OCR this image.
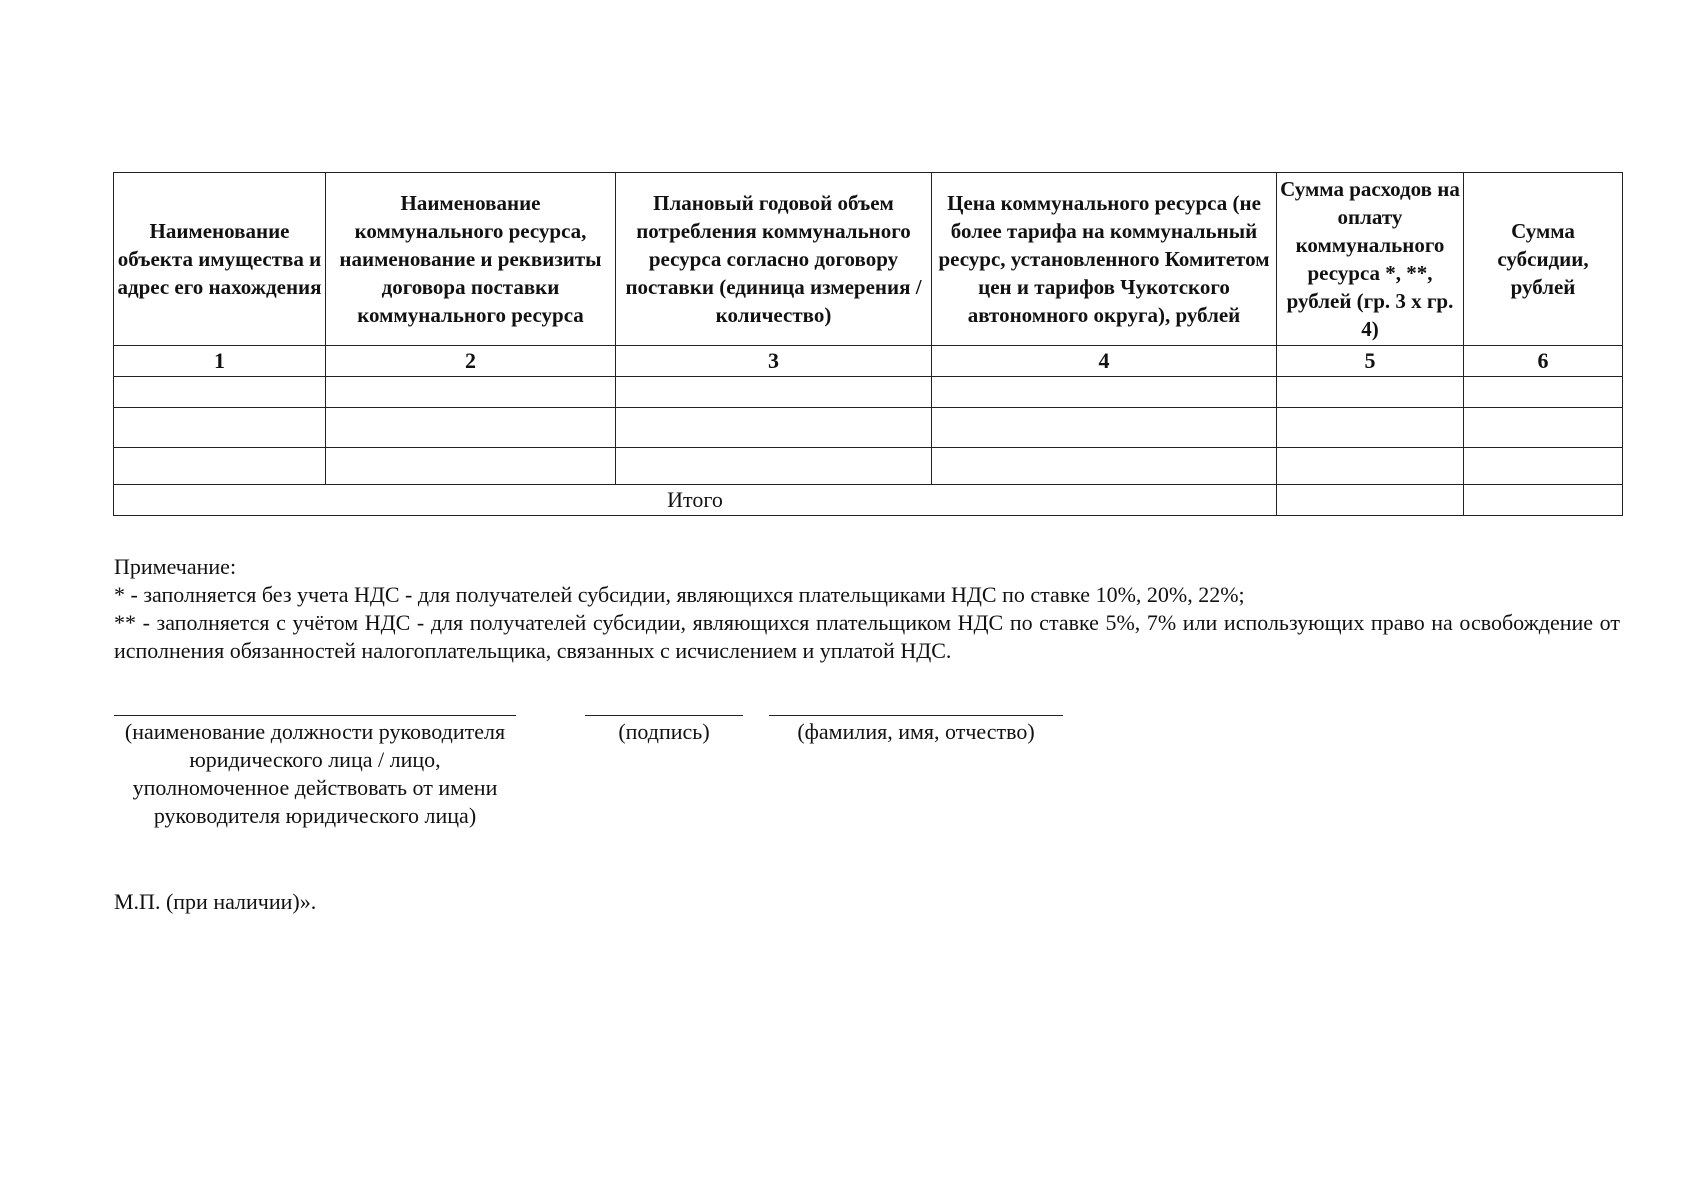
Наименование объекта имущества и адрес его нахождения	Наименование коммунального ресурса, наименование и реквизиты договора поставки коммунального ресурса	Плановый годовой объем потребления коммунального ресурса согласно договору поставки (единица измерения / количество)	Цена коммунального ресурса (не более тарифа на коммунальный ресурс, установленного Комитетом цен и тарифов Чукотского автономного округа), рублей	Сумма расходов на оплату коммунального ресурса *, **, рублей (гр. 3 х гр. 4)	Сумма субсидии, рублей
1	2	3	4	5	6

Итого					

Примечание:

* - заполняется без учета НДС - для получателей субсидии, являющихся плательщиками НДС по ставке 10%, 20%, 22%;

** - заполняется с учётом НДС - для получателей субсидии, являющихся плательщиком НДС по ставке 5%, 7% или использующих право на освобождение от исполнения обязанностей налогоплательщика, связанных с исчислением и уплатой НДС.

(наименование должности руководителя юридического лица / лицо, уполномоченное действовать от имени руководителя юридического лица)
(подпись)	(фамилия, имя, отчество)
М.П. (при наличии)».
